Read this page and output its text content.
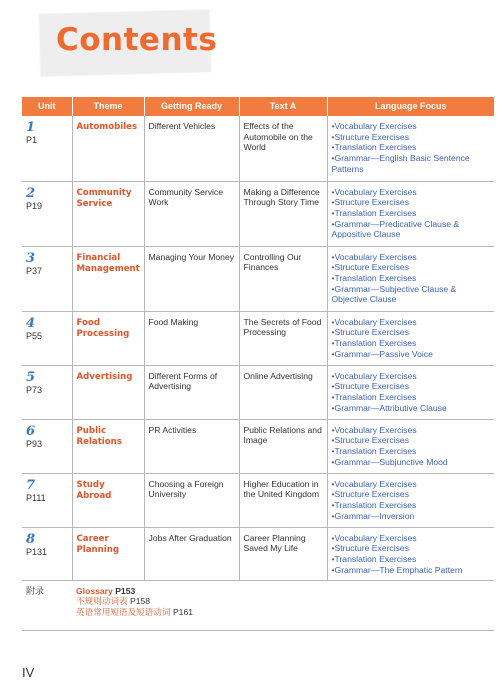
Contents
Unit	Theme	Getting Ready	Text A	Language Focus

1
P1	Automobiles	Different Vehicles	Effects of the Automobile on the World	•Vocabulary Exercises
•Structure Exercises
•Translation Exercises
•Grammar—English Basic Sentence Patterns

2
P19	Community Service	Community Service Work	Making a Difference Through Story Time	•Vocabulary Exercises
•Structure Exercises
•Translation Exercises
•Grammar—Predicative Clause & Appositive Clause

3
P37	Financial Management	Managing Your Money	Controlling Our Finances	•Vocabulary Exercises
•Structure Exercises
•Translation Exercises
•Grammar—Subjective Clause & Objective Clause

4
P55	Food Processing	Food Making	The Secrets of Food Processing	•Vocabulary Exercises
•Structure Exercises
•Translation Exercises
•Grammar—Passive Voice

5
P73	Advertising	Different Forms of Advertising	Online Advertising	•Vocabulary Exercises
•Structure Exercises
•Translation Exercises
•Grammar—Attributive Clause

6
P93	Public Relations	PR Activities	Public Relations and Image	•Vocabulary Exercises
•Structure Exercises
•Translation Exercises
•Grammar—Subjunctive Mood

7
P111	Study Abroad	Choosing a Foreign University	Higher Education in the United Kingdom	•Vocabulary Exercises
•Structure Exercises
•Translation Exercises
•Grammar—Inversion

8
P131	Career Planning	Jobs After Graduation	Career Planning Saved My Life	•Vocabulary Exercises
•Structure Exercises
•Translation Exercises
•Grammar—The Emphatic Pattern

附录	Glossary P153
不规则动词表 P158
英语常用短语及短语动词 P161			
IV
